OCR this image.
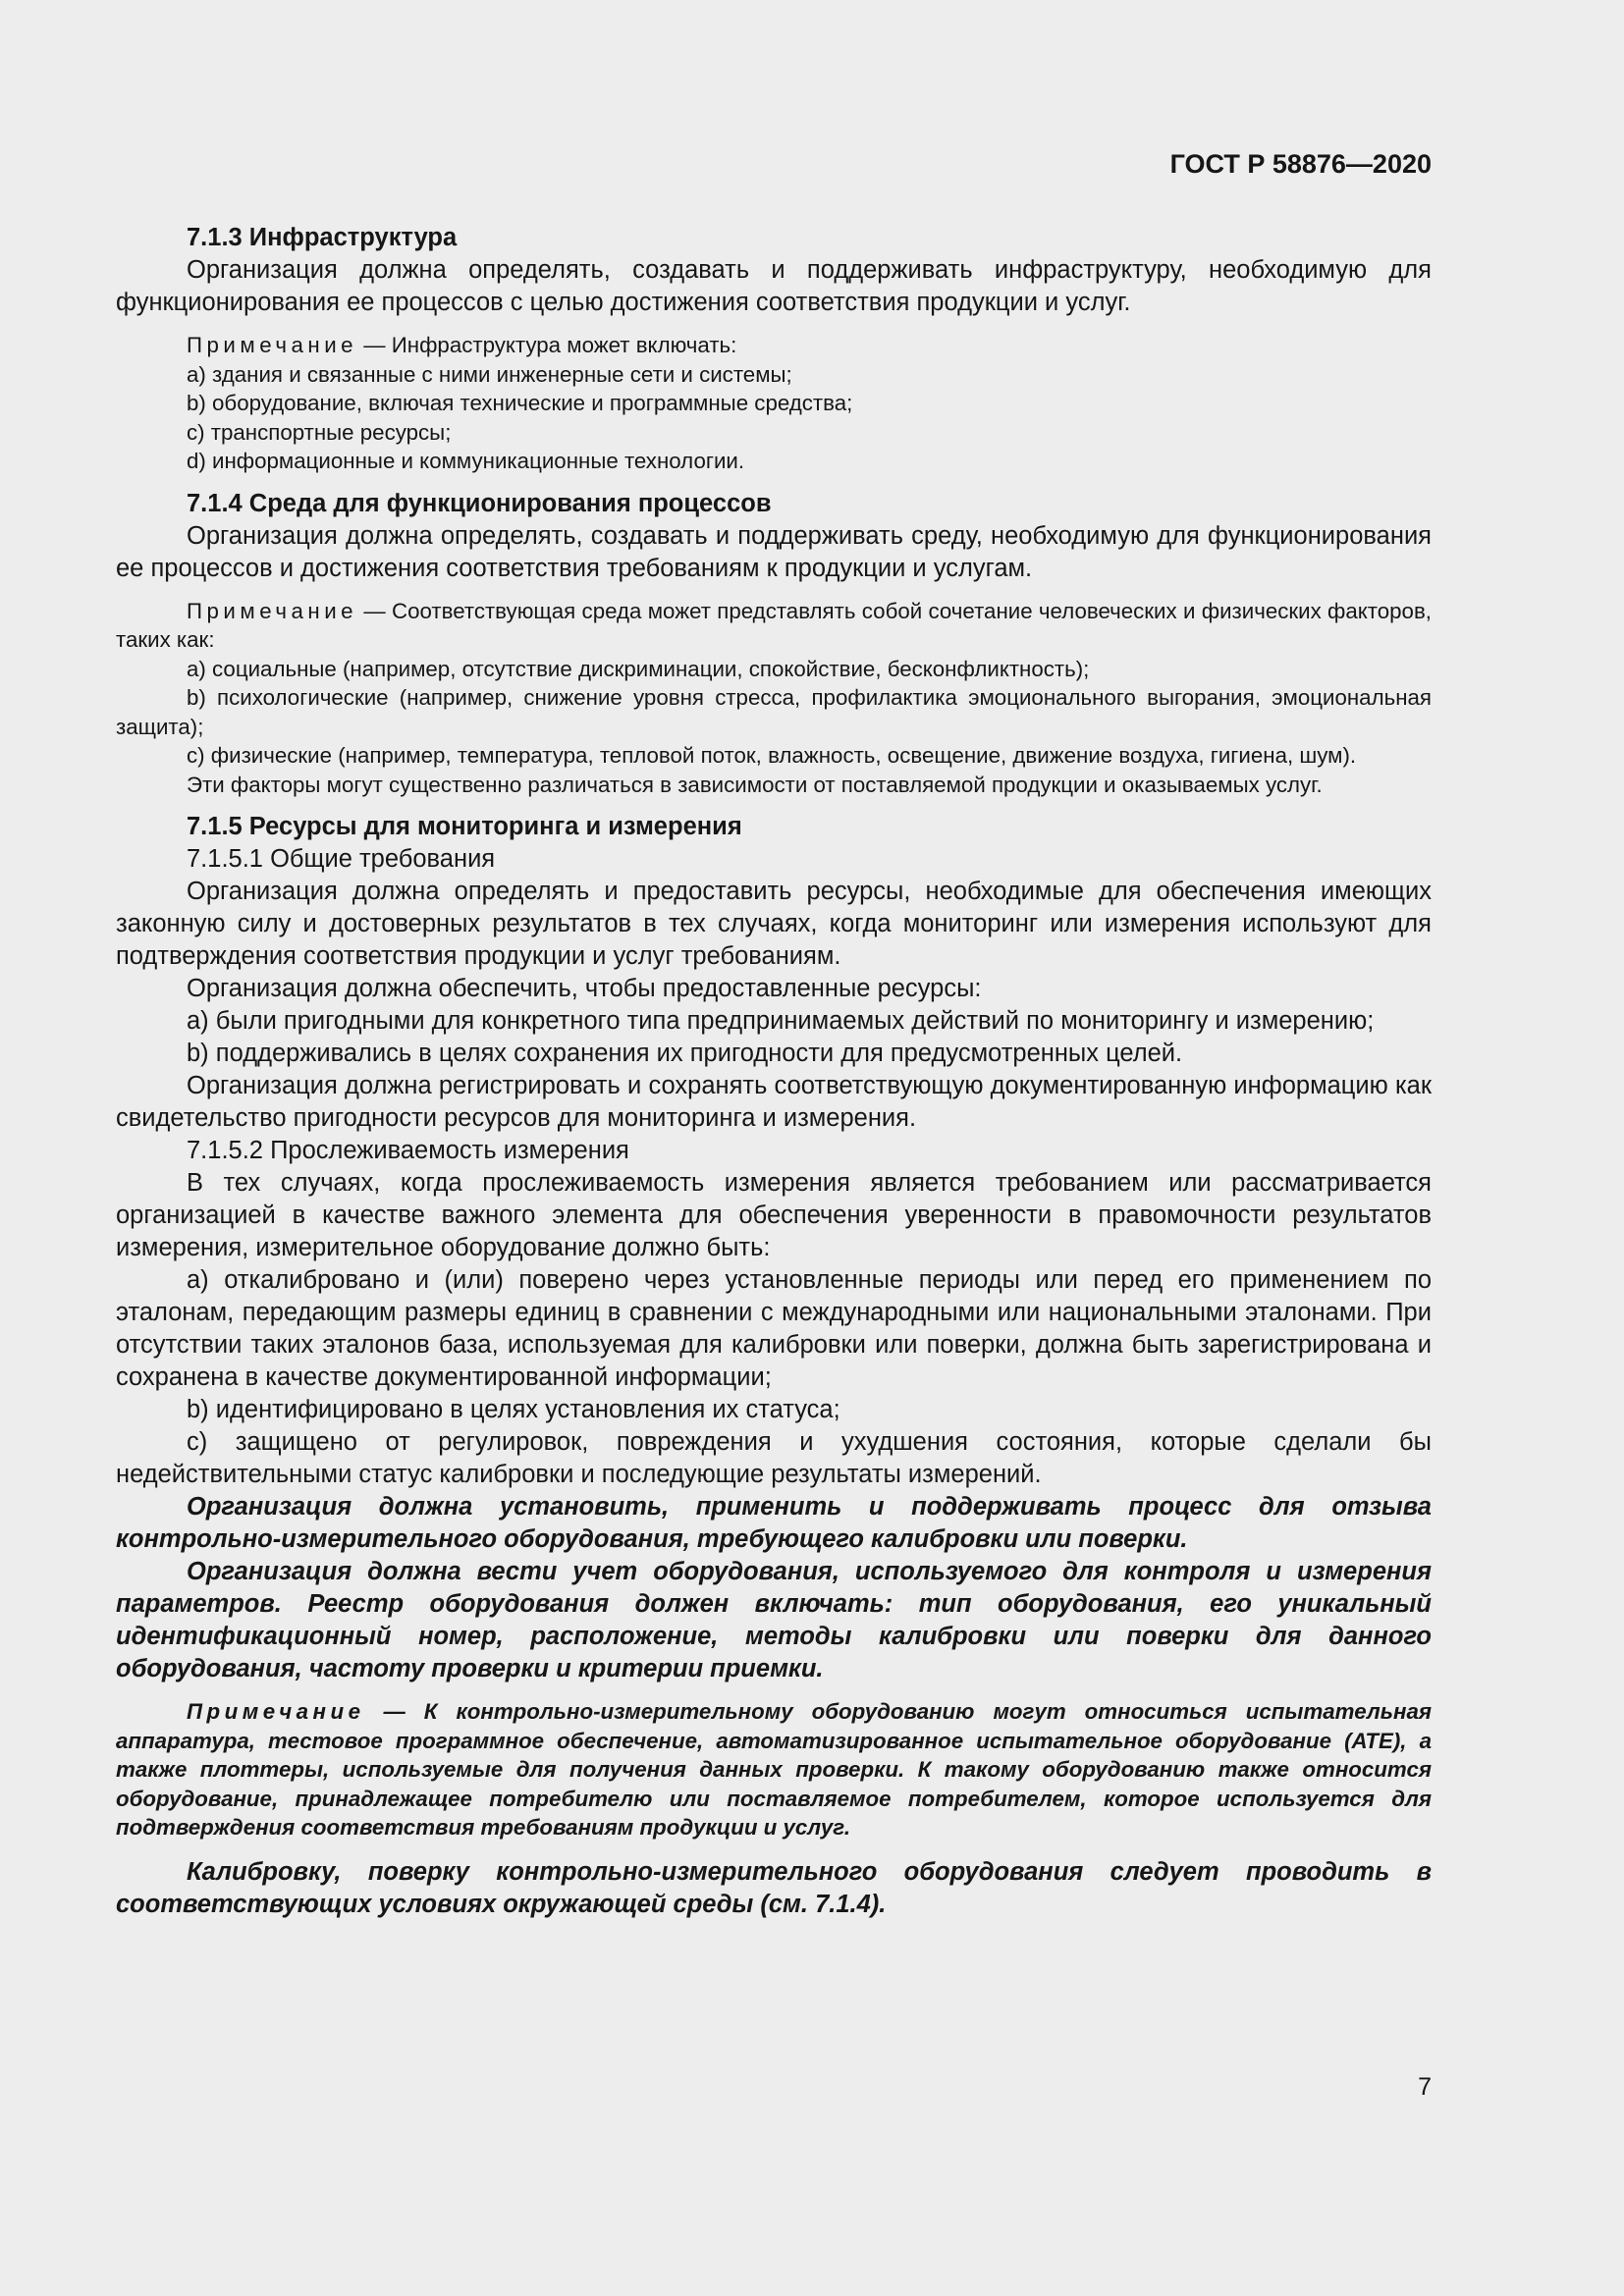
ГОСТ Р 58876—2020

7.1.3 Инфраструктура

Организация должна определять, создавать и поддерживать инфраструктуру, необходимую для функционирования ее процессов с целью достижения соответствия продукции и услуг.

Примечание — Инфраструктура может включать:

а) здания и связанные с ними инженерные сети и системы;

b) оборудование, включая технические и программные средства;

c) транспортные ресурсы;

d) информационные и коммуникационные технологии.

7.1.4 Среда для функционирования процессов

Организация должна определять, создавать и поддерживать среду, необходимую для функционирования ее процессов и достижения соответствия требованиям к продукции и услугам.

Примечание — Соответствующая среда может представлять собой сочетание человеческих и физических факторов, таких как:

а) социальные (например, отсутствие дискриминации, спокойствие, бесконфликтность);

b) психологические (например, снижение уровня стресса, профилактика эмоционального выгорания, эмоциональная защита);

c) физические (например, температура, тепловой поток, влажность, освещение, движение воздуха, гигиена, шум).

Эти факторы могут существенно различаться в зависимости от поставляемой продукции и оказываемых услуг.

7.1.5 Ресурсы для мониторинга и измерения

7.1.5.1 Общие требования

Организация должна определять и предоставить ресурсы, необходимые для обеспечения имеющих законную силу и достоверных результатов в тех случаях, когда мониторинг или измерения используют для подтверждения соответствия продукции и услуг требованиям.

Организация должна обеспечить, чтобы предоставленные ресурсы:

а) были пригодными для конкретного типа предпринимаемых действий по мониторингу и измерению;

b) поддерживались в целях сохранения их пригодности для предусмотренных целей.

Организация должна регистрировать и сохранять соответствующую документированную информацию как свидетельство пригодности ресурсов для мониторинга и измерения.

7.1.5.2 Прослеживаемость измерения

В тех случаях, когда прослеживаемость измерения является требованием или рассматривается организацией в качестве важного элемента для обеспечения уверенности в правомочности результатов измерения, измерительное оборудование должно быть:

а) откалибровано и (или) поверено через установленные периоды или перед его применением по эталонам, передающим размеры единиц в сравнении с международными или национальными эталонами. При отсутствии таких эталонов база, используемая для калибровки или поверки, должна быть зарегистрирована и сохранена в качестве документированной информации;

b) идентифицировано в целях установления их статуса;

c) защищено от регулировок, повреждения и ухудшения состояния, которые сделали бы недействительными статус калибровки и последующие результаты измерений.

Организация должна установить, применить и поддерживать процесс для отзыва контрольно-измерительного оборудования, требующего калибровки или поверки.

Организация должна вести учет оборудования, используемого для контроля и измерения параметров. Реестр оборудования должен включать: тип оборудования, его уникальный идентификационный номер, расположение, методы калибровки или поверки для данного оборудования, частоту проверки и критерии приемки.

Примечание — К контрольно-измерительному оборудованию могут относиться испытательная аппаратура, тестовое программное обеспечение, автоматизированное испытательное оборудование (АТЕ), а также плоттеры, используемые для получения данных проверки. К такому оборудованию также относится оборудование, принадлежащее потребителю или поставляемое потребителем, которое используется для подтверждения соответствия требованиям продукции и услуг.

Калибровку, поверку контрольно-измерительного оборудования следует проводить в соответствующих условиях окружающей среды (см. 7.1.4).

7
